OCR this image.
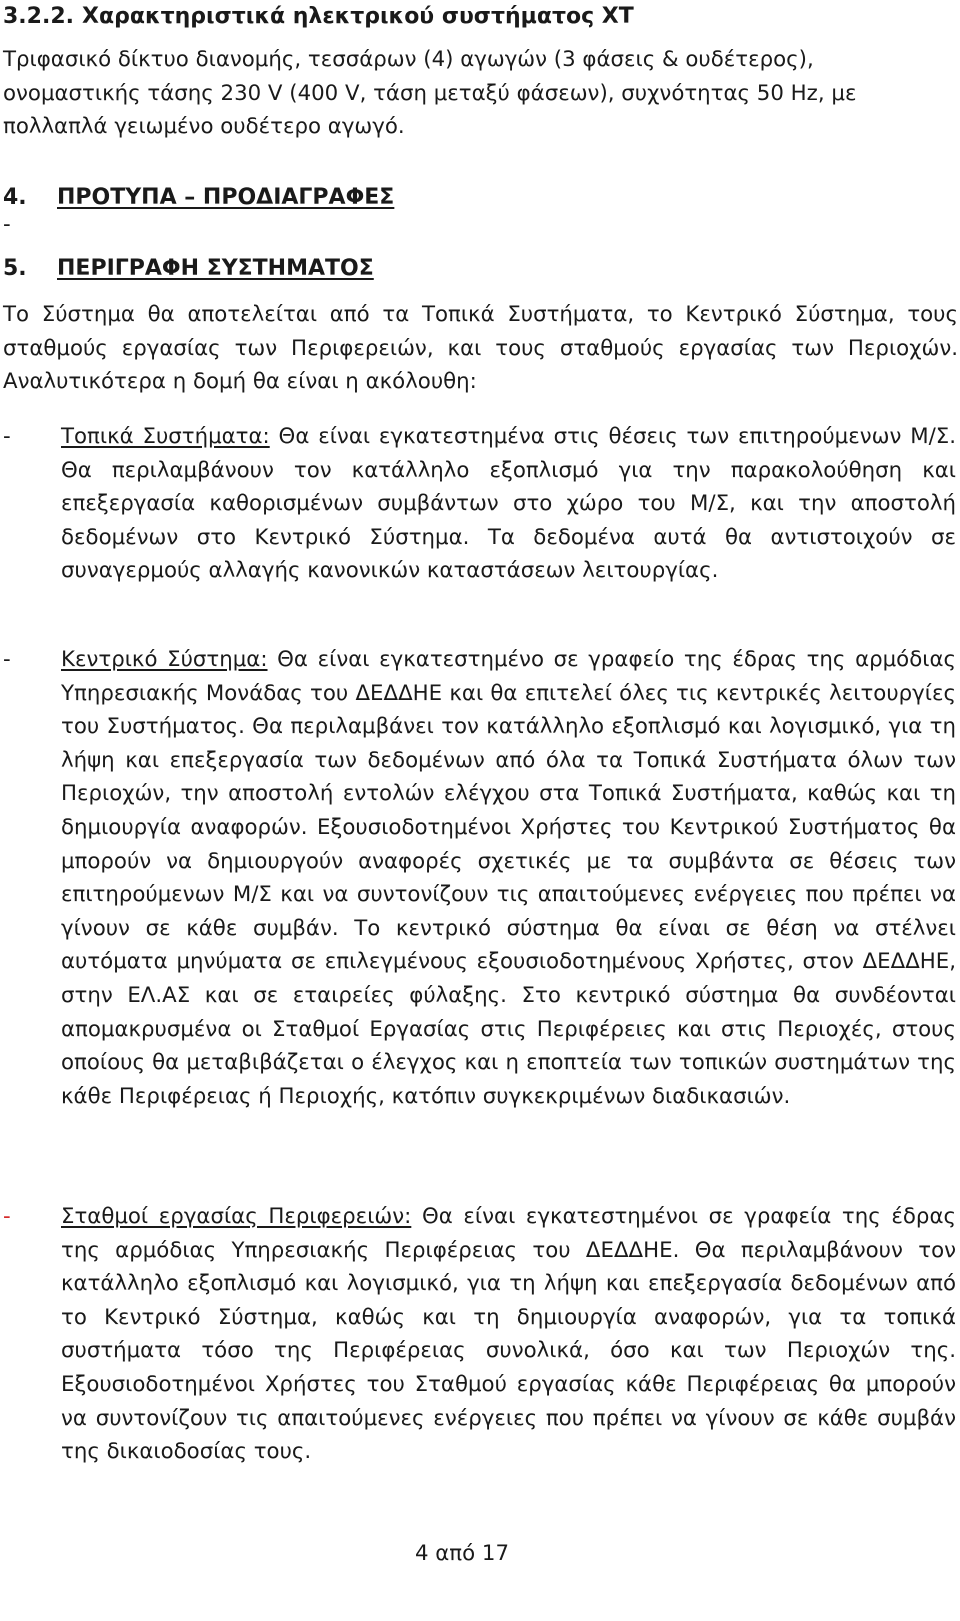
3.2.2. Χαρακτηριστικά ηλεκτρικού συστήματος ΧΤ

Τριφασικό δίκτυο διανομής, τεσσάρων (4) αγωγών (3 φάσεις & ουδέτερος), ονομαστικής τάσης 230 V (400 V, τάση μεταξύ φάσεων), συχνότητας 50 Hz, με πολλαπλά γειωμένο ουδέτερο αγωγό.

4. ΠΡΟΤΥΠΑ – ΠΡΟΔΙΑΓΡΑΦΕΣ
-
5. ΠΕΡΙΓΡΑΦΗ ΣΥΣΤΗΜΑΤΟΣ

Το Σύστημα θα αποτελείται από τα Τοπικά Συστήματα, το Κεντρικό Σύστημα, τους σταθμούς εργασίας των Περιφερειών, και τους σταθμούς εργασίας των Περιοχών. Αναλυτικότερα η δομή θα είναι η ακόλουθη:

- Τοπικά Συστήματα: Θα είναι εγκατεστημένα στις θέσεις των επιτηρούμενων Μ/Σ. Θα περιλαμβάνουν τον κατάλληλο εξοπλισμό για την παρακολούθηση και επεξεργασία καθορισμένων συμβάντων στο χώρο του Μ/Σ, και την αποστολή δεδομένων στο Κεντρικό Σύστημα. Τα δεδομένα αυτά θα αντιστοιχούν σε συναγερμούς αλλαγής κανονικών καταστάσεων λειτουργίας.

- Κεντρικό Σύστημα: Θα είναι εγκατεστημένο σε γραφείο της έδρας της αρμόδιας Υπηρεσιακής Μονάδας του ΔΕΔΔΗΕ και θα επιτελεί όλες τις κεντρικές λειτουργίες του Συστήματος. Θα περιλαμβάνει τον κατάλληλο εξοπλισμό και λογισμικό, για τη λήψη και επεξεργασία των δεδομένων από όλα τα Τοπικά Συστήματα όλων των Περιοχών, την αποστολή εντολών ελέγχου στα Τοπικά Συστήματα, καθώς και τη δημιουργία αναφορών. Εξουσιοδοτημένοι Χρήστες του Κεντρικού Συστήματος θα μπορούν να δημιουργούν αναφορές σχετικές με τα συμβάντα σε θέσεις των επιτηρούμενων Μ/Σ και να συντονίζουν τις απαιτούμενες ενέργειες που πρέπει να γίνουν σε κάθε συμβάν. Το κεντρικό σύστημα θα είναι σε θέση να στέλνει αυτόματα μηνύματα σε επιλεγμένους εξουσιοδοτημένους Χρήστες, στον ΔΕΔΔΗΕ, στην ΕΛ.ΑΣ και σε εταιρείες φύλαξης. Στο κεντρικό σύστημα θα συνδέονται απομακρυσμένα οι Σταθμοί Εργασίας στις Περιφέρειες και στις Περιοχές, στους οποίους θα μεταβιβάζεται ο έλεγχος και η εποπτεία των τοπικών συστημάτων της κάθε Περιφέρειας ή Περιοχής, κατόπιν συγκεκριμένων διαδικασιών.

- Σταθμοί εργασίας Περιφερειών: Θα είναι εγκατεστημένοι σε γραφεία της έδρας της αρμόδιας Υπηρεσιακής Περιφέρειας του ΔΕΔΔΗΕ. Θα περιλαμβάνουν τον κατάλληλο εξοπλισμό και λογισμικό, για τη λήψη και επεξεργασία δεδομένων από το Κεντρικό Σύστημα, καθώς και τη δημιουργία αναφορών, για τα τοπικά συστήματα τόσο της Περιφέρειας συνολικά, όσο και των Περιοχών της. Εξουσιοδοτημένοι Χρήστες του Σταθμού εργασίας κάθε Περιφέρειας θα μπορούν να συντονίζουν τις απαιτούμενες ενέργειες που πρέπει να γίνουν σε κάθε συμβάν της δικαιοδοσίας τους.

4 από 17
